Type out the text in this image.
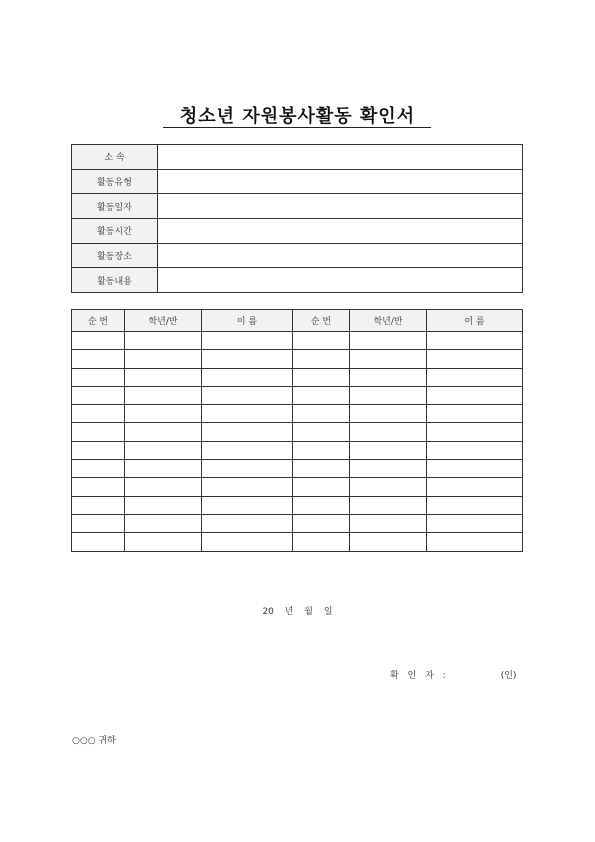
청소년 자원봉사활동 확인서
소 속	
활동유형	
활동일자	
활동시간	
활동장소	
활동내용	
순 번	학년/반	이 름	순 번	학년/반	이 름

20 년 월 일
확 인 자 :	(인)
○○○ 귀하
